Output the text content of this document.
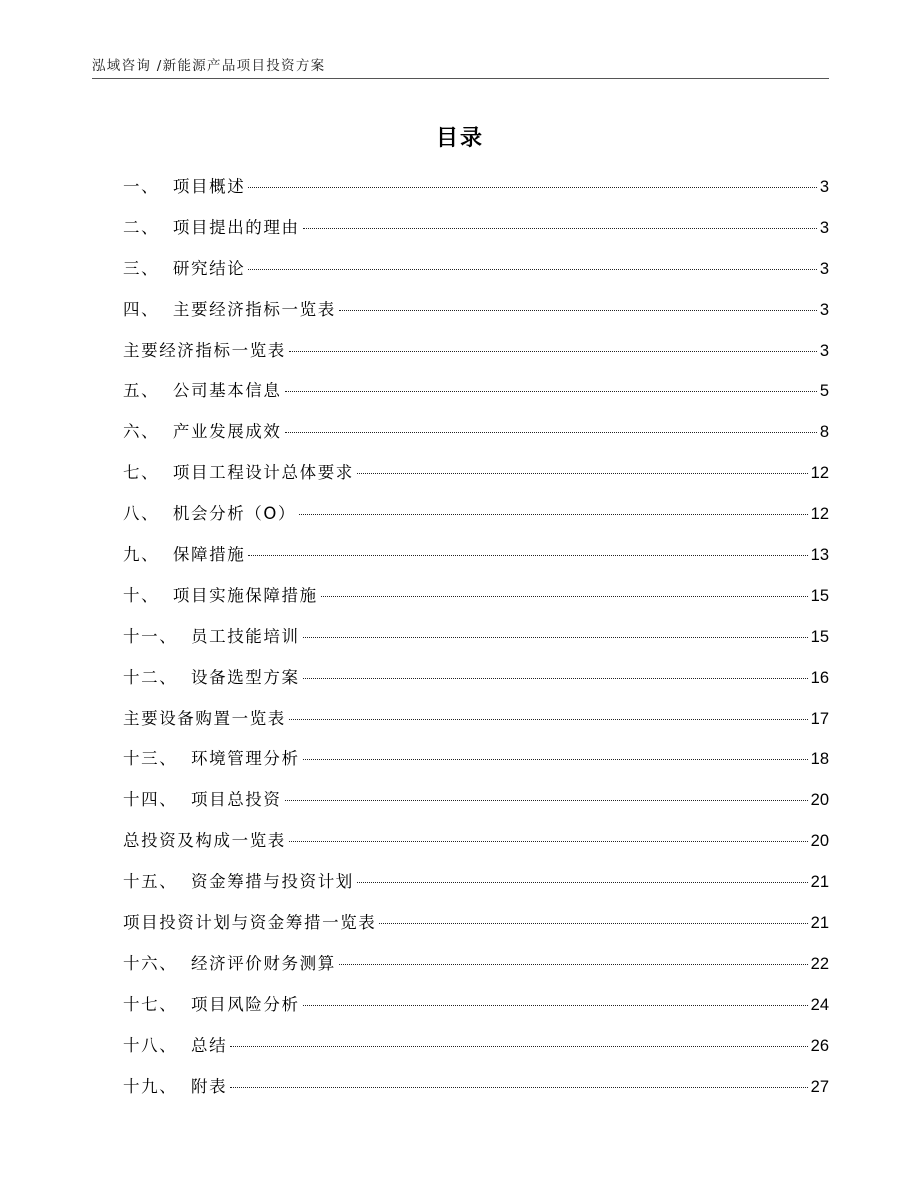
泓域咨询 /新能源产品项目投资方案
目录
一、  项目概述	3
二、  项目提出的理由	3
三、  研究结论	3
四、  主要经济指标一览表	3
主要经济指标一览表	3
五、  公司基本信息	5
六、  产业发展成效	8
七、  项目工程设计总体要求	12
八、  机会分析（O）	12
九、  保障措施	13
十、  项目实施保障措施	15
十一、  员工技能培训	15
十二、  设备选型方案	16
主要设备购置一览表	17
十三、  环境管理分析	18
十四、  项目总投资	20
总投资及构成一览表	20
十五、  资金筹措与投资计划	21
项目投资计划与资金筹措一览表	21
十六、  经济评价财务测算	22
十七、  项目风险分析	24
十八、  总结	26
十九、  附表	27
